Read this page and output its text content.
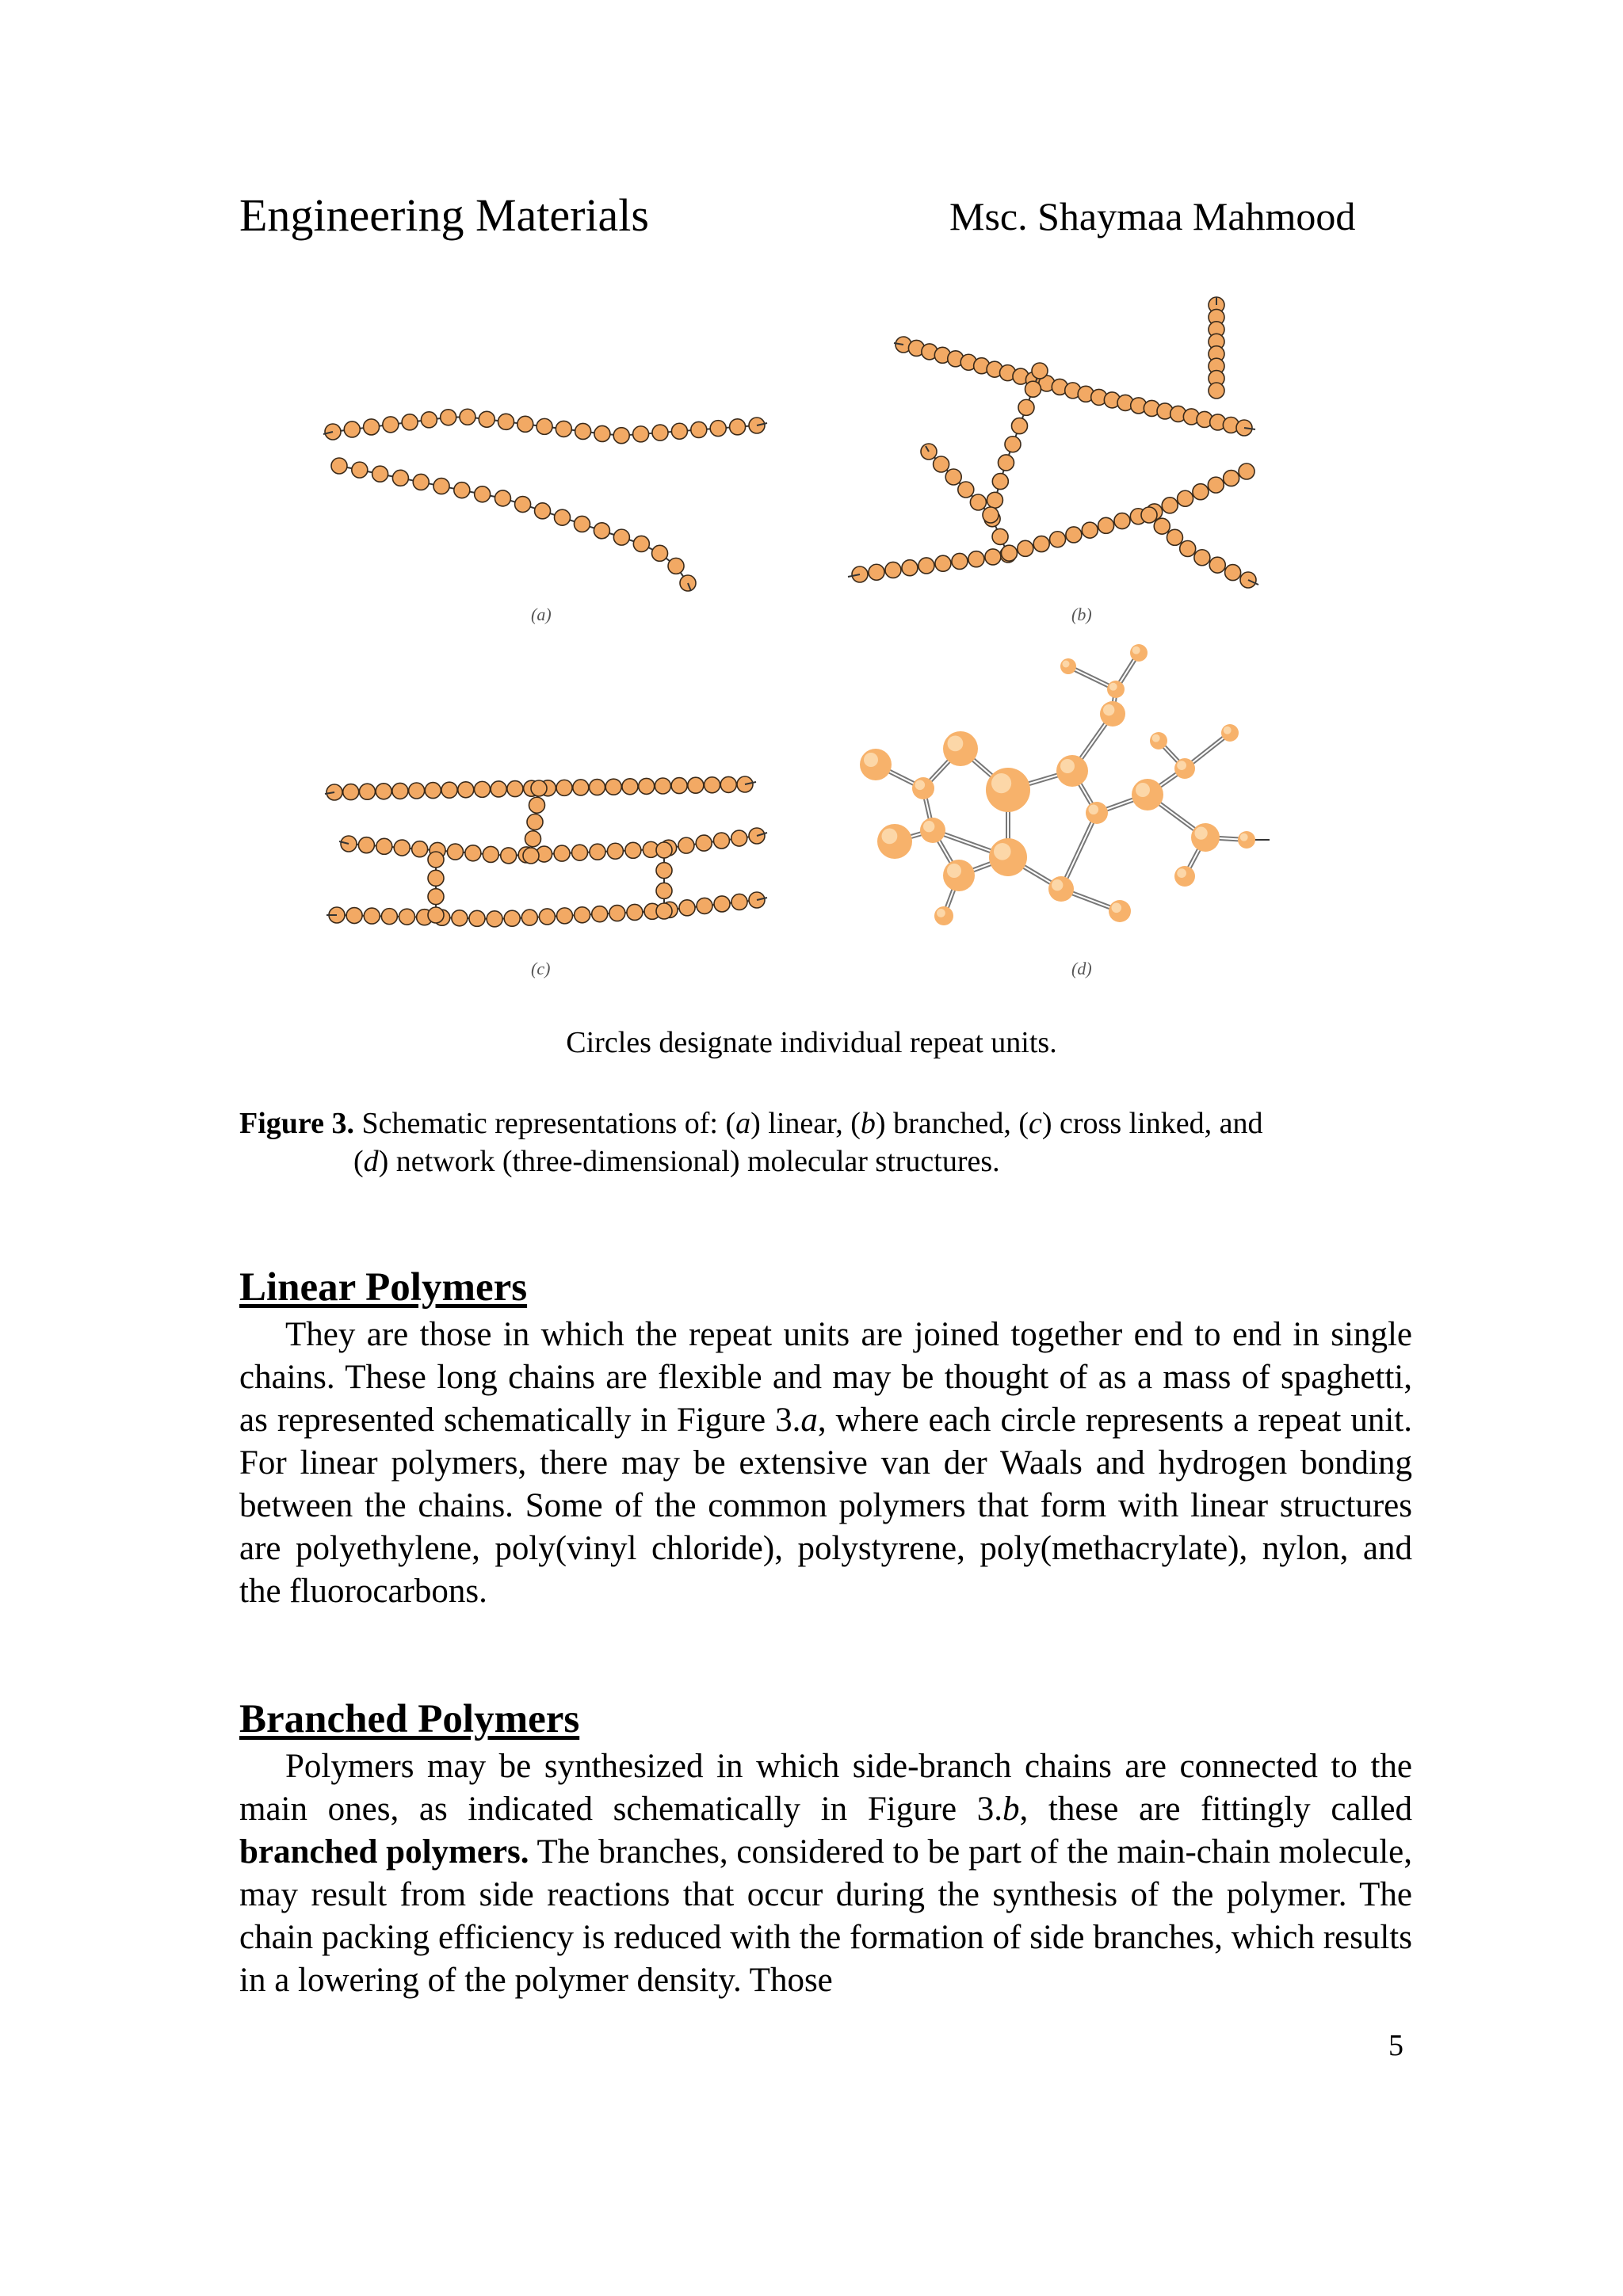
Engineering Materials	Msc. Shaymaa Mahmood
(a)	(b)
(c)	(d)
Circles designate individual repeat units.
Figure 3. Schematic representations of: (a) linear, (b) branched, (c) cross linked, and
(d) network (three-dimensional) molecular structures.
Linear Polymers
They are those in which the repeat units are joined together end to end in single chains. These long chains are flexible and may be thought of as a mass of spaghetti, as represented schematically in Figure 3.a, where each circle represents a repeat unit. For linear polymers, there may be extensive van der Waals and hydrogen bonding between the chains. Some of the common polymers that form with linear structures are polyethylene, poly(vinyl chloride), polystyrene, poly(methacrylate), nylon, and the fluorocarbons.
Branched Polymers
Polymers may be synthesized in which side-branch chains are connected to the main ones, as indicated schematically in Figure 3.b, these are fittingly called branched polymers. The branches, considered to be part of the main-chain molecule, may result from side reactions that occur during the synthesis of the polymer. The chain packing efficiency is reduced with the formation of side branches, which results in a lowering of the polymer density. Those
5
